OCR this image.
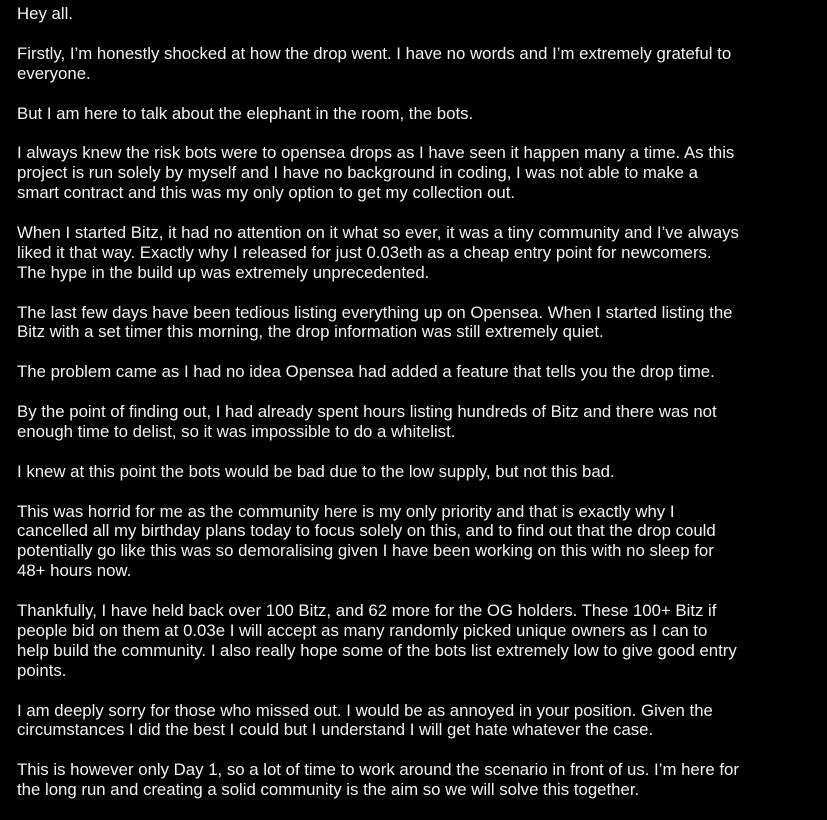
Hey all.

Firstly, I’m honestly shocked at how the drop went. I have no words and I’m extremely grateful to
everyone.

But I am here to talk about the elephant in the room, the bots.

I always knew the risk bots were to opensea drops as I have seen it happen many a time. As this
project is run solely by myself and I have no background in coding, I was not able to make a
smart contract and this was my only option to get my collection out.

When I started Bitz, it had no attention on it what so ever, it was a tiny community and I’ve always
liked it that way. Exactly why I released for just 0.03eth as a cheap entry point for newcomers.
The hype in the build up was extremely unprecedented.

The last few days have been tedious listing everything up on Opensea. When I started listing the
Bitz with a set timer this morning, the drop information was still extremely quiet.

The problem came as I had no idea Opensea had added a feature that tells you the drop time.

By the point of finding out, I had already spent hours listing hundreds of Bitz and there was not
enough time to delist, so it was impossible to do a whitelist.

I knew at this point the bots would be bad due to the low supply, but not this bad.

This was horrid for me as the community here is my only priority and that is exactly why I
cancelled all my birthday plans today to focus solely on this, and to find out that the drop could
potentially go like this was so demoralising given I have been working on this with no sleep for
48+ hours now.

Thankfully, I have held back over 100 Bitz, and 62 more for the OG holders. These 100+ Bitz if
people bid on them at 0.03e I will accept as many randomly picked unique owners as I can to
help build the community. I also really hope some of the bots list extremely low to give good entry
points.

I am deeply sorry for those who missed out. I would be as annoyed in your position. Given the
circumstances I did the best I could but I understand I will get hate whatever the case.

This is however only Day 1, so a lot of time to work around the scenario in front of us. I’m here for
the long run and creating a solid community is the aim so we will solve this together.
